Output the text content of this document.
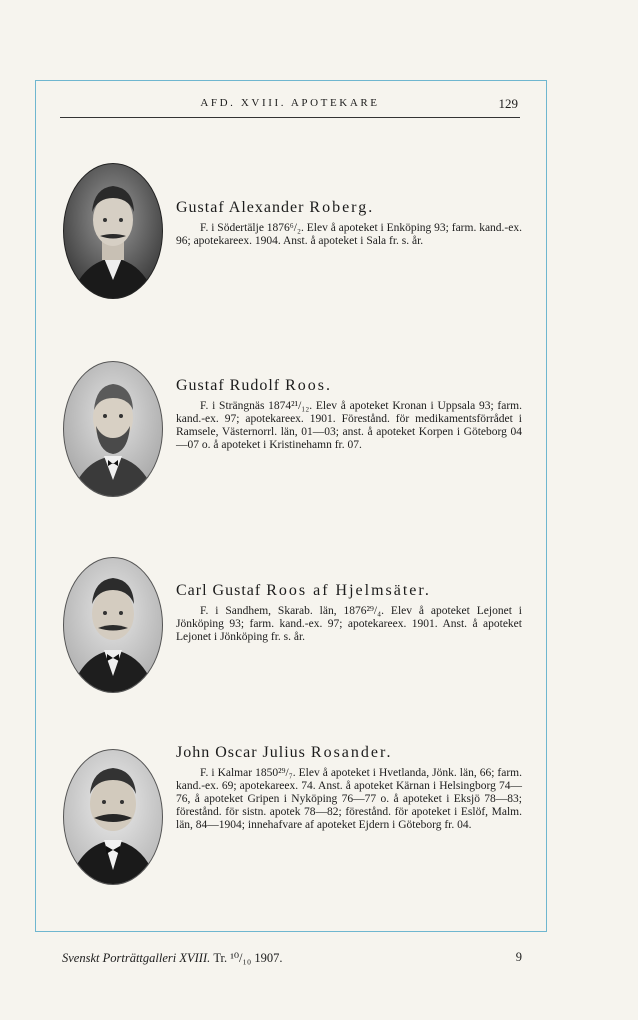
AFD. XVIII. APOTEKARE	129
Gustaf Alexander Roberg.

F. i Södertälje 1876⁶/₂. Elev å apoteket i Enköping 93; farm. kand.-ex. 96; apotekareex. 1904. Anst. å apoteket i Sala fr. s. år.

Gustaf Rudolf Roos.

F. i Strängnäs 1874²¹/₁₂. Elev å apoteket Kronan i Uppsala 93; farm. kand.-ex. 97; apotekareex. 1901. Förestånd. för medikamentsförrådet i Ramsele, Västernorrl. län, 01—03; anst. å apoteket Korpen i Göteborg 04—07 o. å apoteket i Kristinehamn fr. 07.

Carl Gustaf Roos af Hjelmsäter.

F. i Sandhem, Skarab. län, 1876²⁹/₄. Elev å apoteket Lejonet i Jönköping 93; farm. kand.-ex. 97; apotekareex. 1901. Anst. å apoteket Lejonet i Jönköping fr. s. år.

John Oscar Julius Rosander.

F. i Kalmar 1850²⁹/₇. Elev å apoteket i Hvetlanda, Jönk. län, 66; farm. kand.-ex. 69; apotekareex. 74. Anst. å apoteket Kärnan i Helsingborg 74—76, å apoteket Gripen i Nyköping 76—77 o. å apoteket i Eksjö 78—83; förestånd. för sistn. apotek 78—82; förestånd. för apoteket i Eslöf, Malm. län, 84—1904; innehafvare af apoteket Ejdern i Göteborg fr. 04.

Svenskt Porträttgalleri XVIII. Tr. ¹⁰/₁₀ 1907.	9
